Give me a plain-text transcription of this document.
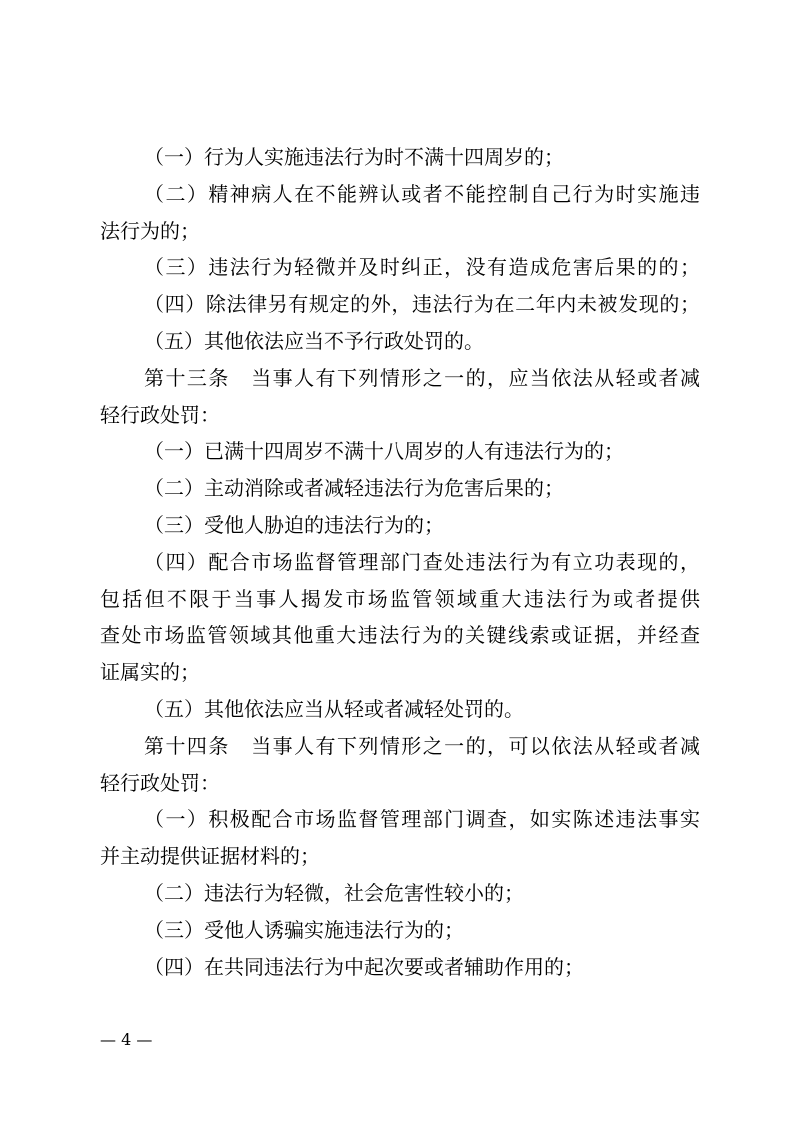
（一）行为人实施违法行为时不满十四周岁的；
（二）精神病人在不能辨认或者不能控制自己行为时实施违
法行为的；
（三）违法行为轻微并及时纠正，没有造成危害后果的的；
（四）除法律另有规定的外，违法行为在二年内未被发现的；
（五）其他依法应当不予行政处罚的。
第十三条　当事人有下列情形之一的，应当依法从轻或者减
轻行政处罚：
（一）已满十四周岁不满十八周岁的人有违法行为的；
（二）主动消除或者减轻违法行为危害后果的；
（三）受他人胁迫的违法行为的；
（四）配合市场监督管理部门查处违法行为有立功表现的，
包括但不限于当事人揭发市场监管领域重大违法行为或者提供
查处市场监管领域其他重大违法行为的关键线索或证据，并经查
证属实的；
（五）其他依法应当从轻或者减轻处罚的。
第十四条　当事人有下列情形之一的，可以依法从轻或者减
轻行政处罚：
（一）积极配合市场监督管理部门调查，如实陈述违法事实
并主动提供证据材料的；
（二）违法行为轻微，社会危害性较小的；
（三）受他人诱骗实施违法行为的；
（四）在共同违法行为中起次要或者辅助作用的；
— 4 —
